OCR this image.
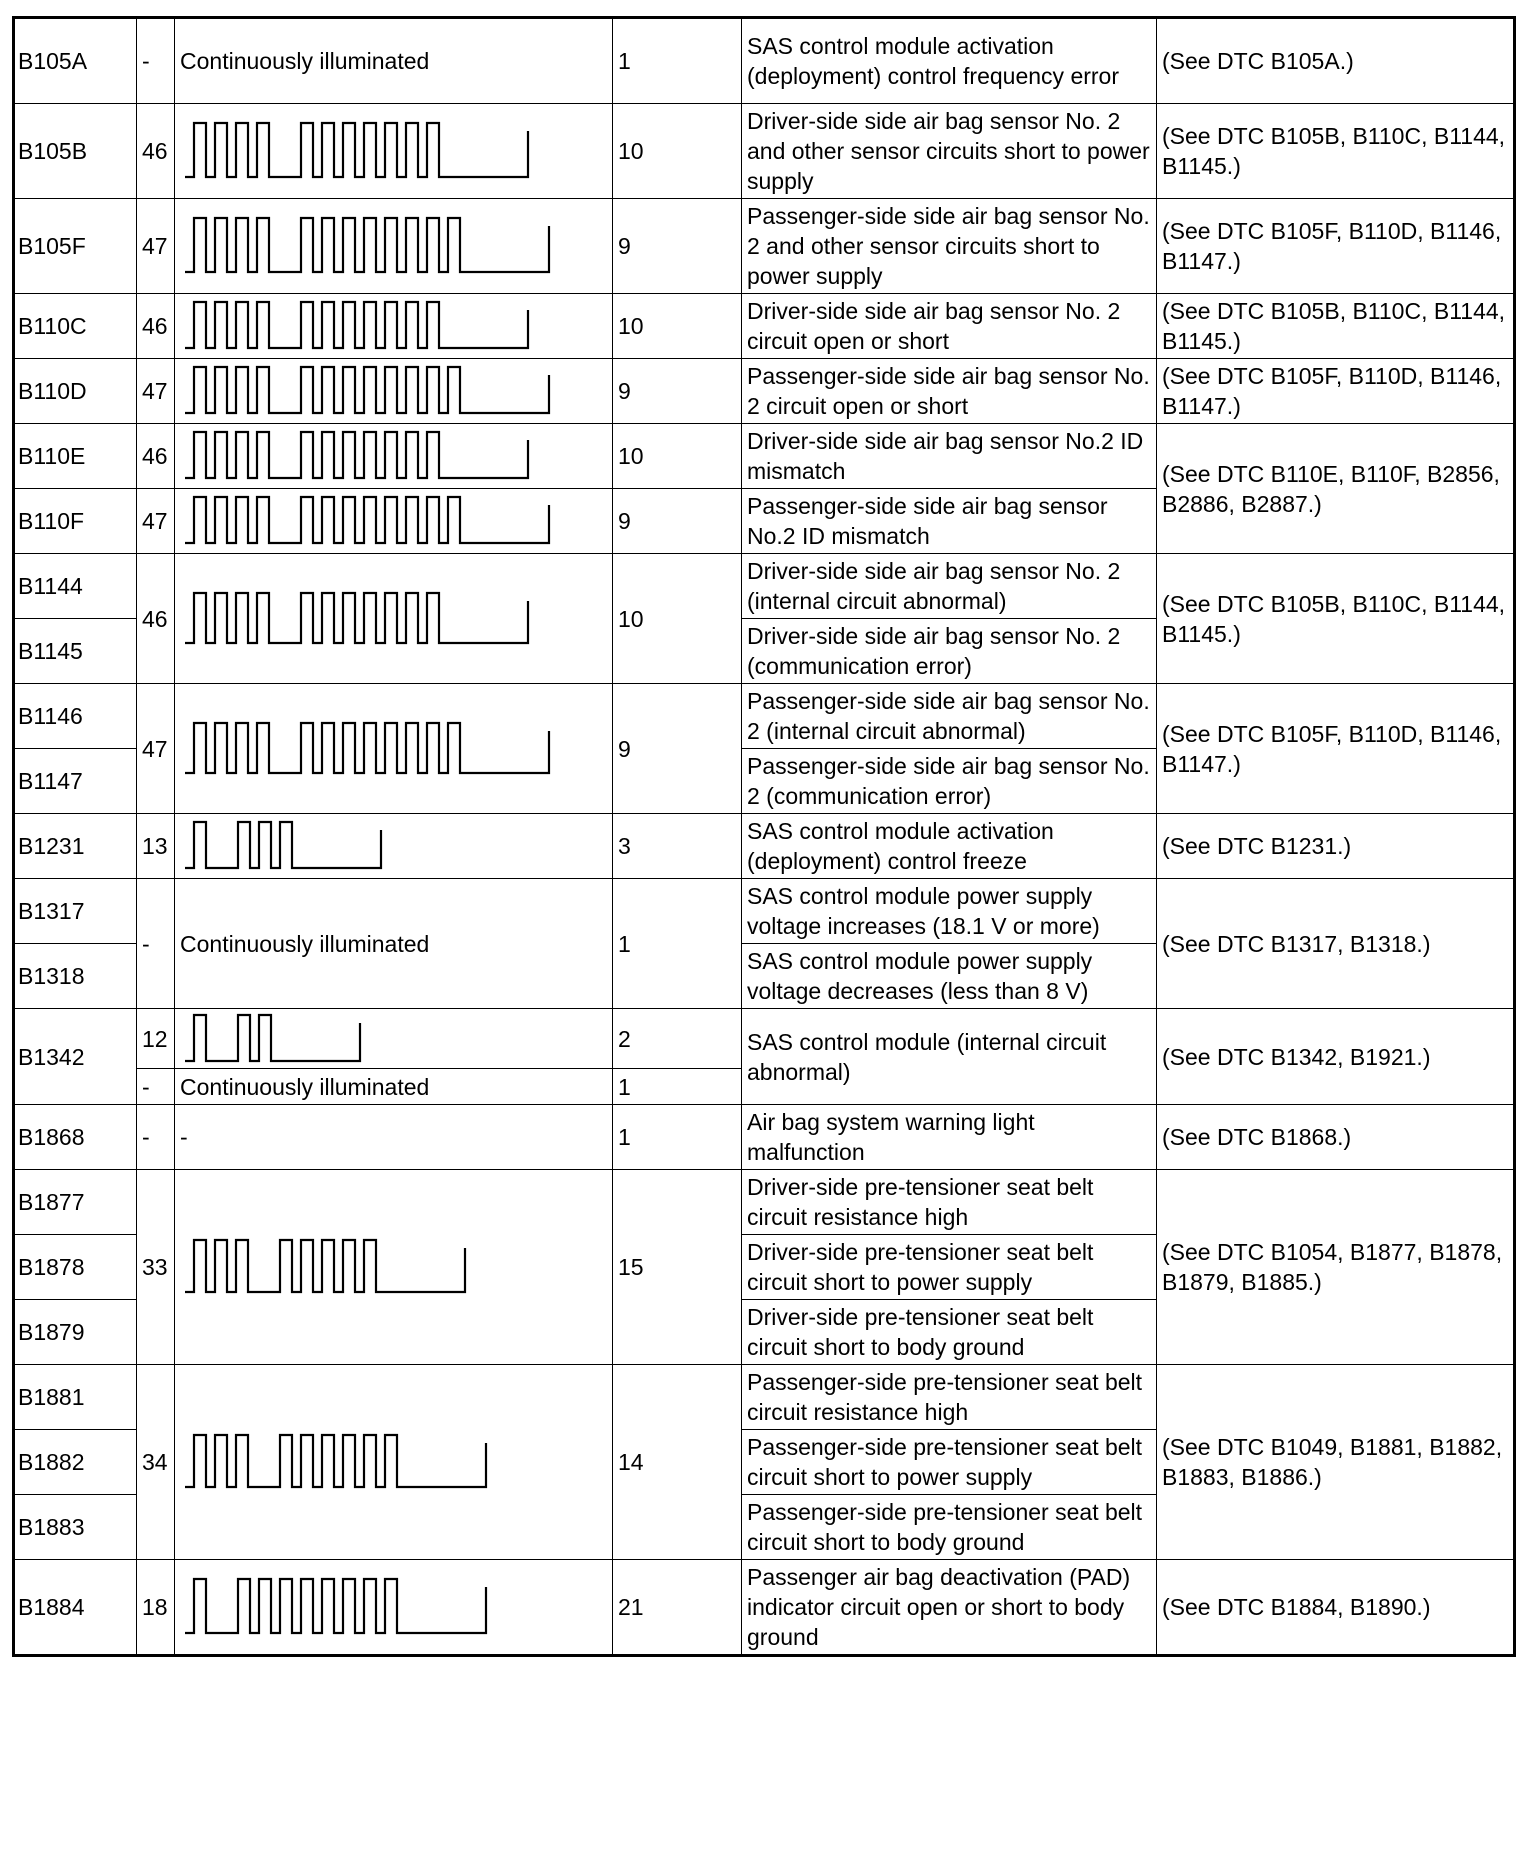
B105A	-	Continuously illuminated	1	SAS control module activation (deployment) control frequency error	(See DTC B105A.)
B105B	46		10	Driver-side side air bag sensor No. 2 and other sensor circuits short to power supply	(See DTC B105B, B110C, B1144, B1145.)
B105F	47		9	Passenger-side side air bag sensor No. 2 and other sensor circuits short to power supply	(See DTC B105F, B110D, B1146, B1147.)
B110C	46		10	Driver-side side air bag sensor No. 2 circuit open or short	(See DTC B105B, B110C, B1144, B1145.)
B110D	47		9	Passenger-side side air bag sensor No. 2 circuit open or short	(See DTC B105F, B110D, B1146, B1147.)
B110E	46		10	Driver-side side air bag sensor No.2 ID mismatch	(See DTC B110E, B110F, B2856, B2886, B2887.)
B110F	47		9	Passenger-side side air bag sensor No.2 ID mismatch	
B1144	46		10	Driver-side side air bag sensor No. 2 (internal circuit abnormal)	(See DTC B105B, B110C, B1144, B1145.)
B1145				Driver-side side air bag sensor No. 2 (communication error)	
B1146	47		9	Passenger-side side air bag sensor No. 2 (internal circuit abnormal)	(See DTC B105F, B110D, B1146, B1147.)
B1147				Passenger-side side air bag sensor No. 2 (communication error)	
B1231	13		3	SAS control module activation (deployment) control freeze	(See DTC B1231.)
B1317	-	Continuously illuminated	1	SAS control module power supply voltage increases (18.1 V or more)	(See DTC B1317, B1318.)
B1318				SAS control module power supply voltage decreases (less than 8 V)	
B1342	12		2	SAS control module (internal circuit abnormal)	(See DTC B1342, B1921.)
	-	Continuously illuminated	1		
B1868	-	-	1	Air bag system warning light malfunction	(See DTC B1868.)
B1877	33		15	Driver-side pre-tensioner seat belt circuit resistance high	(See DTC B1054, B1877, B1878, B1879, B1885.)
B1878				Driver-side pre-tensioner seat belt circuit short to power supply	
B1879				Driver-side pre-tensioner seat belt circuit short to body ground	
B1881	34		14	Passenger-side pre-tensioner seat belt circuit resistance high	(See DTC B1049, B1881, B1882, B1883, B1886.)
B1882				Passenger-side pre-tensioner seat belt circuit short to power supply	
B1883				Passenger-side pre-tensioner seat belt circuit short to body ground	
B1884	18		21	Passenger air bag deactivation (PAD) indicator circuit open or short to body ground	(See DTC B1884, B1890.)
